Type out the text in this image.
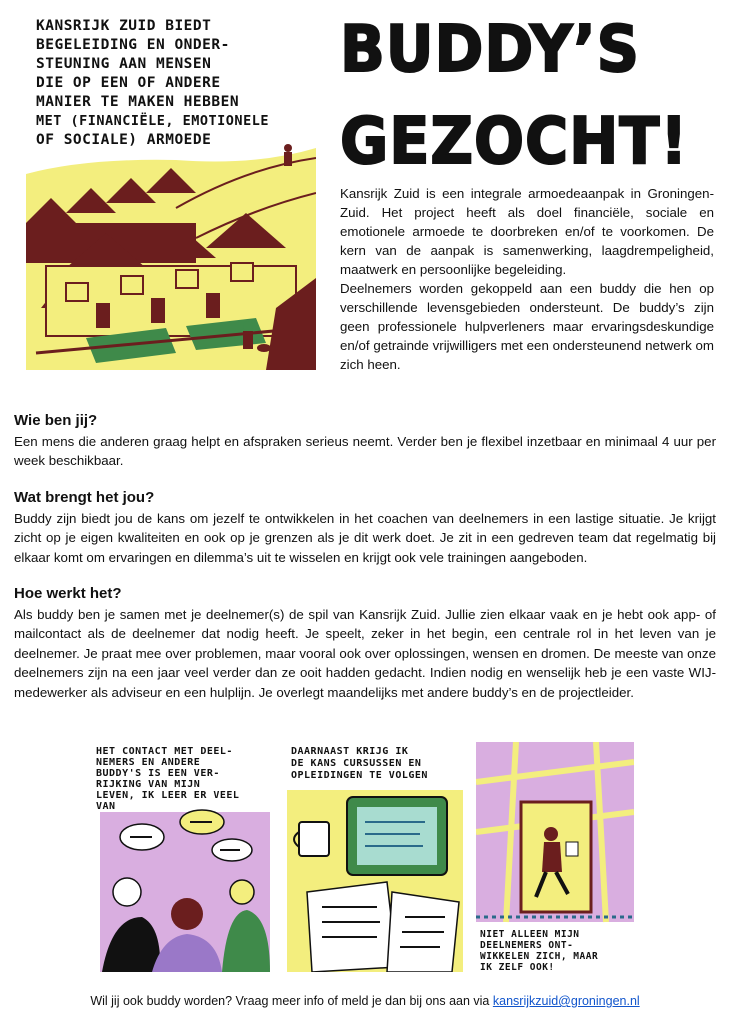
KANSRIJK ZUID BIEDT
BEGELEIDING EN ONDER-
STEUNING AAN MENSEN
DIE OP EEN OF ANDERE
MANIER TE MAKEN HEBBEN
MET (FINANCIËLE, EMOTIONELE
OF SOCIALE) ARMOEDE
BUDDY’S
GEZOCHT!

Kansrijk Zuid is een integrale armoedeaanpak in Groningen-Zuid. Het project heeft als doel financiële, sociale en emotionele armoede te doorbreken en/of te voorkomen. De kern van de aanpak is samenwerking, laagdrempeligheid, maatwerk en persoonlijke begeleiding.

Deelnemers worden gekoppeld aan een buddy die hen op verschillende levensgebieden ondersteunt. De buddy’s zijn geen professionele hulpverleners maar ervaringsdeskundige en/of getrainde vrijwilligers met een ondersteunend netwerk om zich heen.

Wie ben jij?

Een mens die anderen graag helpt en afspraken serieus neemt. Verder ben je flexibel inzetbaar en minimaal 4 uur per week beschikbaar.

Wat brengt het jou?

Buddy zijn biedt jou de kans om jezelf te ontwikkelen in het coachen van deelnemers in een lastige situatie. Je krijgt zicht op je eigen kwaliteiten en ook op je grenzen als je dit werk doet. Je zit in een gedreven team dat regelmatig bij elkaar komt om ervaringen en dilemma’s uit te wisselen en krijgt ook vele trainingen aangeboden.

Hoe werkt het?

Als buddy ben je samen met je deelnemer(s) de spil van Kansrijk Zuid. Jullie zien elkaar vaak en je hebt ook app- of mailcontact als de deelnemer dat nodig heeft. Je speelt, zeker in het begin, een centrale rol in het leven van je deelnemer. Je praat mee over problemen, maar vooral ook over oplossingen, wensen en dromen. De meeste van onze deelnemers zijn na een jaar veel verder dan ze ooit hadden gedacht. Indien nodig en wenselijk heb je een vaste WIJ-medewerker als adviseur en een hulplijn. Je overlegt maandelijks met andere buddy’s en de projectleider.

HET CONTACT MET DEEL-
NEMERS EN ANDERE
BUDDY'S IS EEN VER-
RIJKING VAN MIJN
LEVEN, IK LEER ER VEEL
VAN
DAARNAAST KRIJG IK
DE KANS CURSUSSEN EN
OPLEIDINGEN TE VOLGEN
NIET ALLEEN MIJN
DEELNEMERS ONT-
WIKKELEN ZICH, MAAR
IK ZELF OOK!
Wil jij ook buddy worden? Vraag meer info of meld je dan bij ons aan via kansrijkzuid@groningen.nl
